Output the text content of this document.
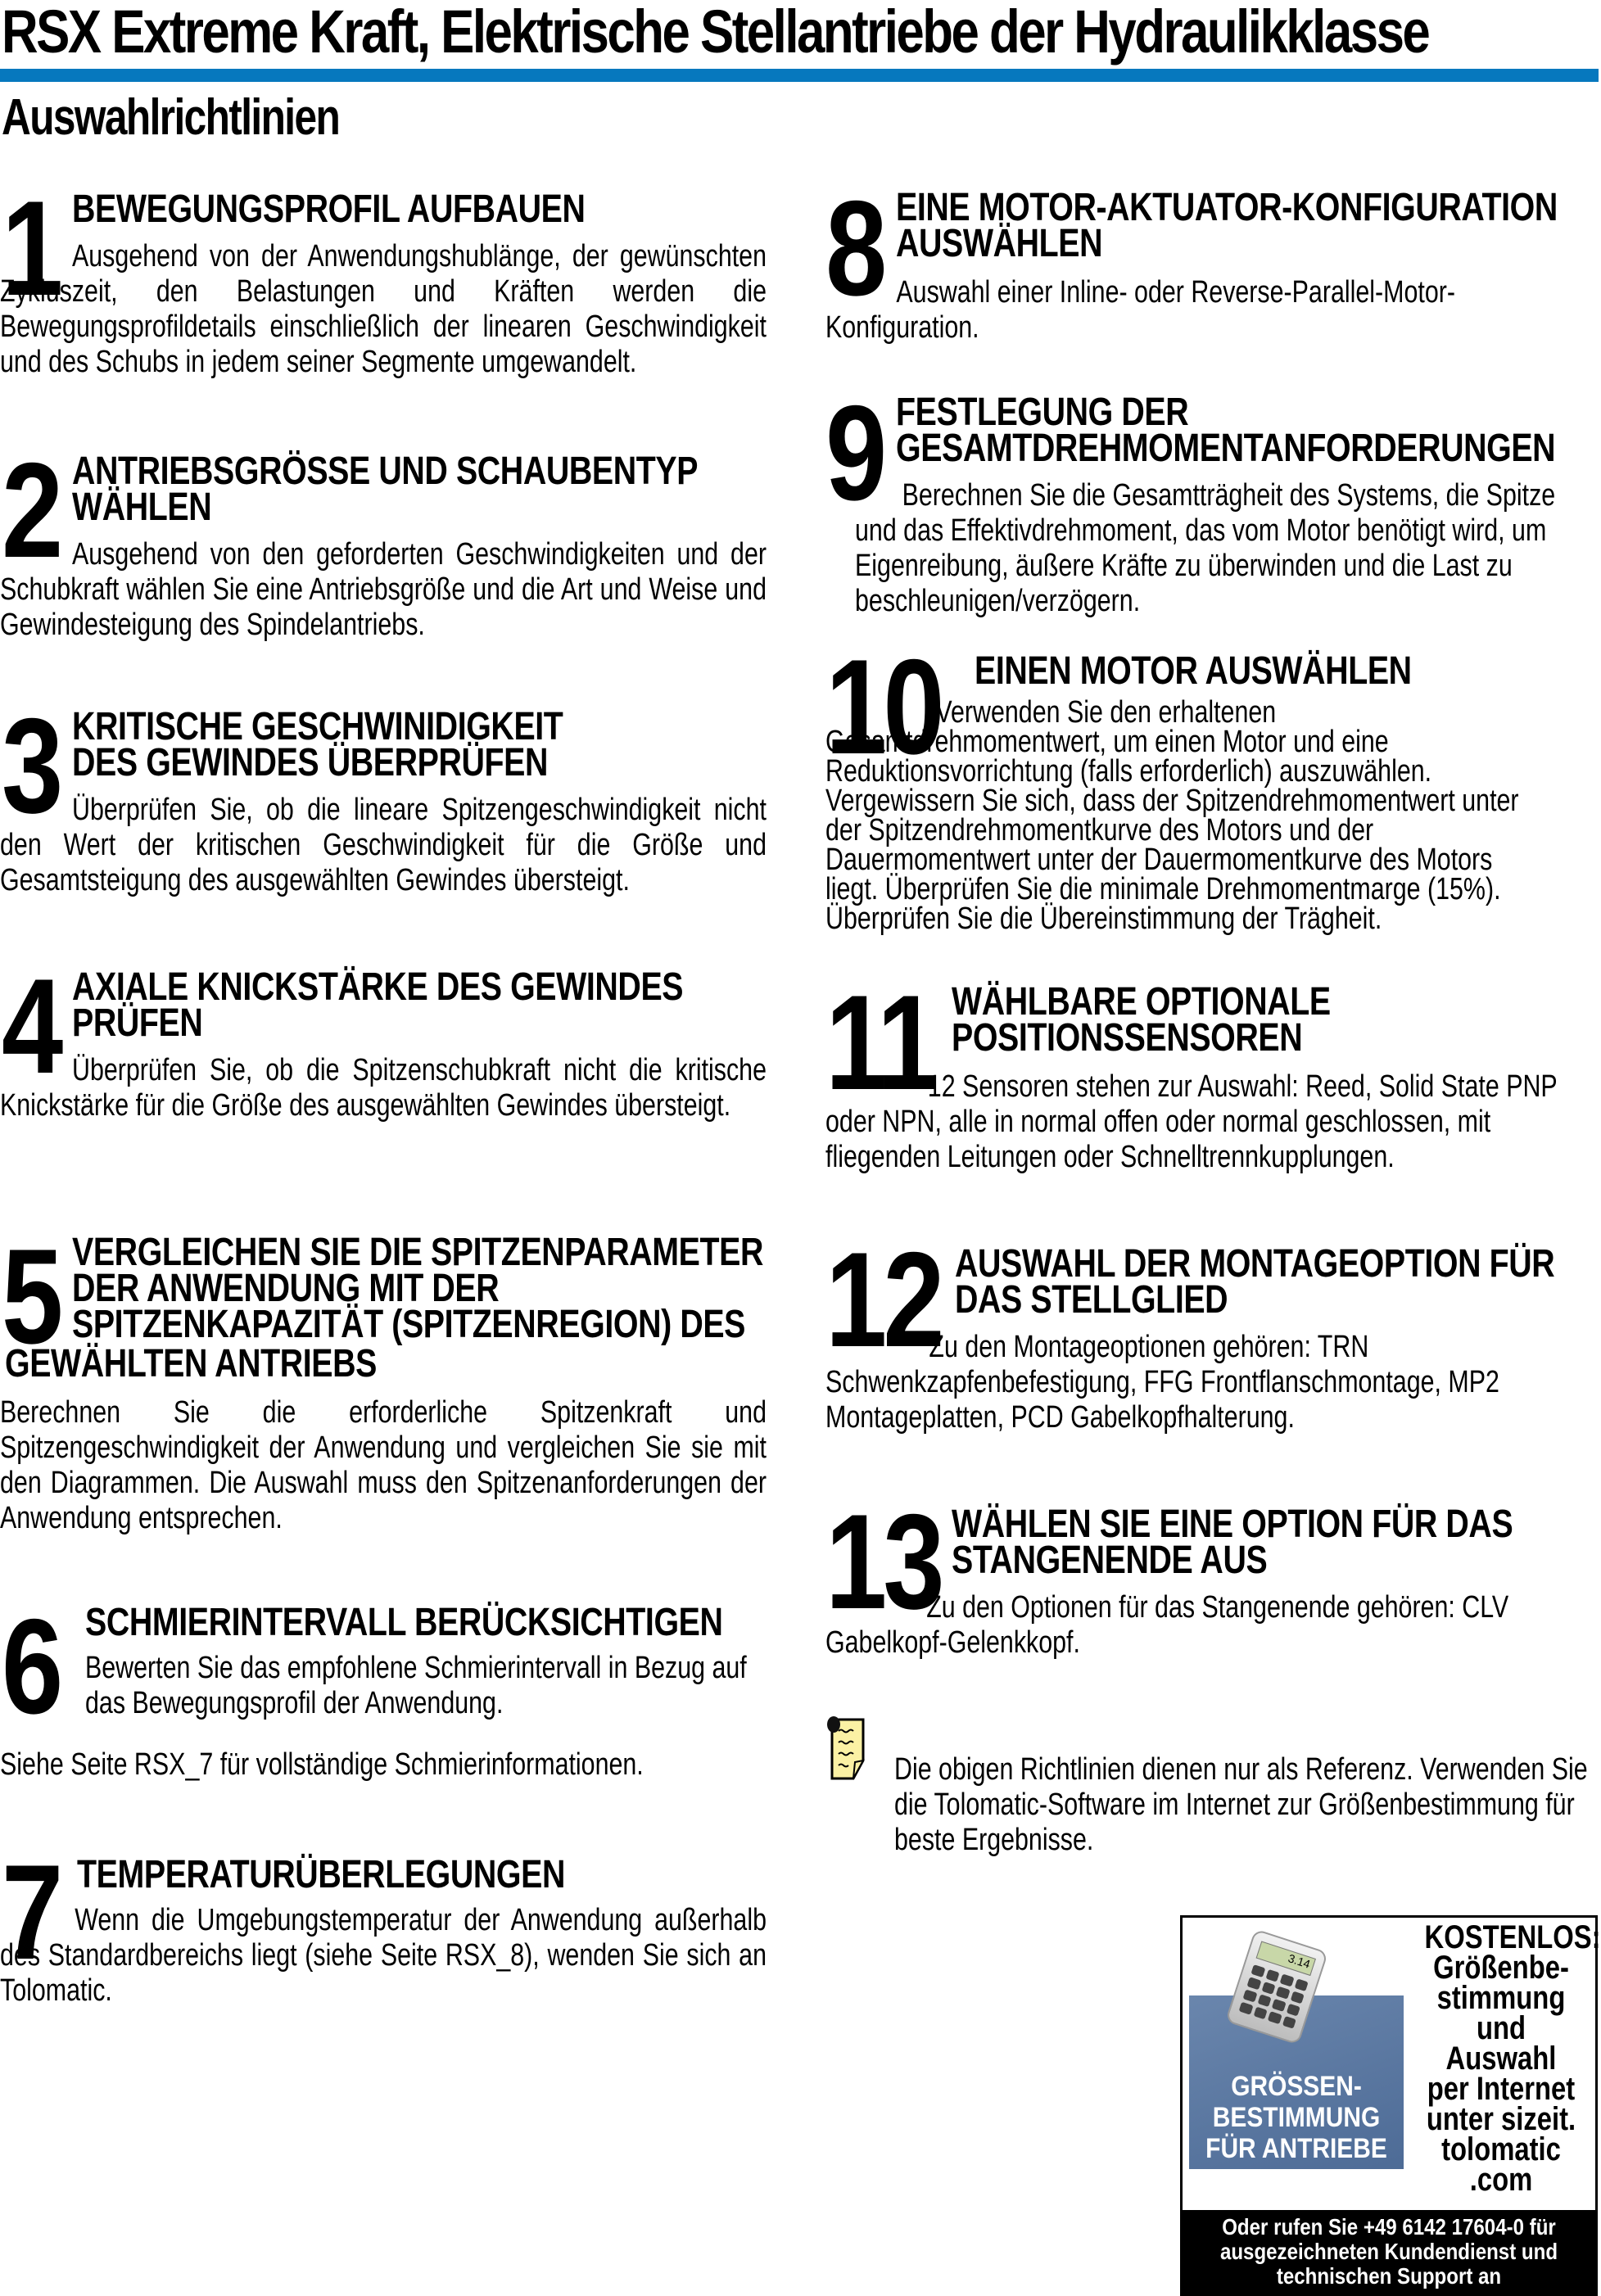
RSX Extreme Kraft, Elektrische Stellantriebe der Hydraulikklasse
Auswahlrichtlinien
1 BEWEGUNGSPROFIL AUFBAUEN
Ausgehend von der Anwendungshublänge, der gewünschten Zykluszeit, den Belastungen und Kräften werden die Bewegungsprofildetails einschließlich der linearen Geschwindigkeit und des Schubs in jedem seiner Segmente umgewandelt.
2 ANTRIEBSGRÖSSE UND SCHAUBENTYP
WÄHLEN
Ausgehend von den geforderten Geschwindigkeiten und der Schubkraft wählen Sie eine Antriebsgröße und die Art und Weise und Gewindesteigung des Spindelantriebs.
3 KRITISCHE GESCHWINIDIGKEIT
DES GEWINDES ÜBERPRÜFEN
Überprüfen Sie, ob die lineare Spitzengeschwindigkeit nicht den Wert der kritischen Geschwindigkeit für die Größe und Gesamtsteigung des ausgewählten Gewindes übersteigt.
4 AXIALE KNICKSTÄRKE DES GEWINDES
PRÜFEN
Überprüfen Sie, ob die Spitzenschubkraft nicht die kritische Knickstärke für die Größe des ausgewählten Gewindes übersteigt.
5 VERGLEICHEN SIE DIE SPITZENPARAMETER
DER ANWENDUNG MIT DER
SPITZENKAPAZITÄT (SPITZENREGION) DES
GEWÄHLTEN ANTRIEBS
Berechnen Sie die erforderliche Spitzenkraft und Spitzengeschwindigkeit der Anwendung und vergleichen Sie sie mit den Diagrammen. Die Auswahl muss den Spitzenanforderungen der Anwendung entsprechen.
6 SCHMIERINTERVALL BERÜCKSICHTIGEN
Bewerten Sie das empfohlene Schmierintervall in Bezug auf das Bewegungsprofil der Anwendung.
Siehe Seite RSX_7 für vollständige Schmierinformationen.
7 TEMPERATURÜBERLEGUNGEN
Wenn die Umgebungstemperatur der Anwendung außerhalb des Standardbereichs liegt (siehe Seite RSX_8), wenden Sie sich an Tolomatic.
8 EINE MOTOR-AKTUATOR-KONFIGURATION
AUSWÄHLEN
Auswahl einer Inline- oder Reverse-Parallel-Motor-Konfiguration.
9 FESTLEGUNG DER
GESAMTDREHMOMENTANFORDERUNGEN
Berechnen Sie die Gesamtträgheit des Systems, die Spitze und das Effektivdrehmoment, das vom Motor benötigt wird, um Eigenreibung, äußere Kräfte zu überwinden und die Last zu beschleunigen/verzögern.
10 EINEN MOTOR AUSWÄHLEN
Verwenden Sie den erhaltenen Gesamtdrehmomentwert, um einen Motor und eine Reduktionsvorrichtung (falls erforderlich) auszuwählen. Vergewissern Sie sich, dass der Spitzendrehmomentwert unter der Spitzendrehmomentkurve des Motors und der Dauermomentwert unter der Dauermomentkurve des Motors liegt. Überprüfen Sie die minimale Drehmomentmarge (15%). Überprüfen Sie die Übereinstimmung der Trägheit.
11 WÄHLBARE OPTIONALE
POSITIONSSENSOREN
12 Sensoren stehen zur Auswahl: Reed, Solid State PNP oder NPN, alle in normal offen oder normal geschlossen, mit fliegenden Leitungen oder Schnelltrennkupplungen.
12 AUSWAHL DER MONTAGEOPTION FÜR
DAS STELLGLIED
Zu den Montageoptionen gehören: TRN Schwenkzapfenbefestigung, FFG Frontflanschmontage, MP2 Montageplatten, PCD Gabelkopfhalterung.
13 WÄHLEN SIE EINE OPTION FÜR DAS
STANGENENDE AUS
Zu den Optionen für das Stangenende gehören: CLV Gabelkopf-Gelenkkopf.
Die obigen Richtlinien dienen nur als Referenz. Verwenden Sie die Tolomatic-Software im Internet zur Größenbestimmung für beste Ergebnisse.
3.14
GRÖSSEN-
BESTIMMUNG
FÜR ANTRIEBE
KOSTENLOS:
Größenbe-
stimmung
und
Auswahl
per Internet
unter sizeit.
tolomatic
.com
Oder rufen Sie +49 6142 17604-0 für
ausgezeichneten Kundendienst und
technischen Support an
